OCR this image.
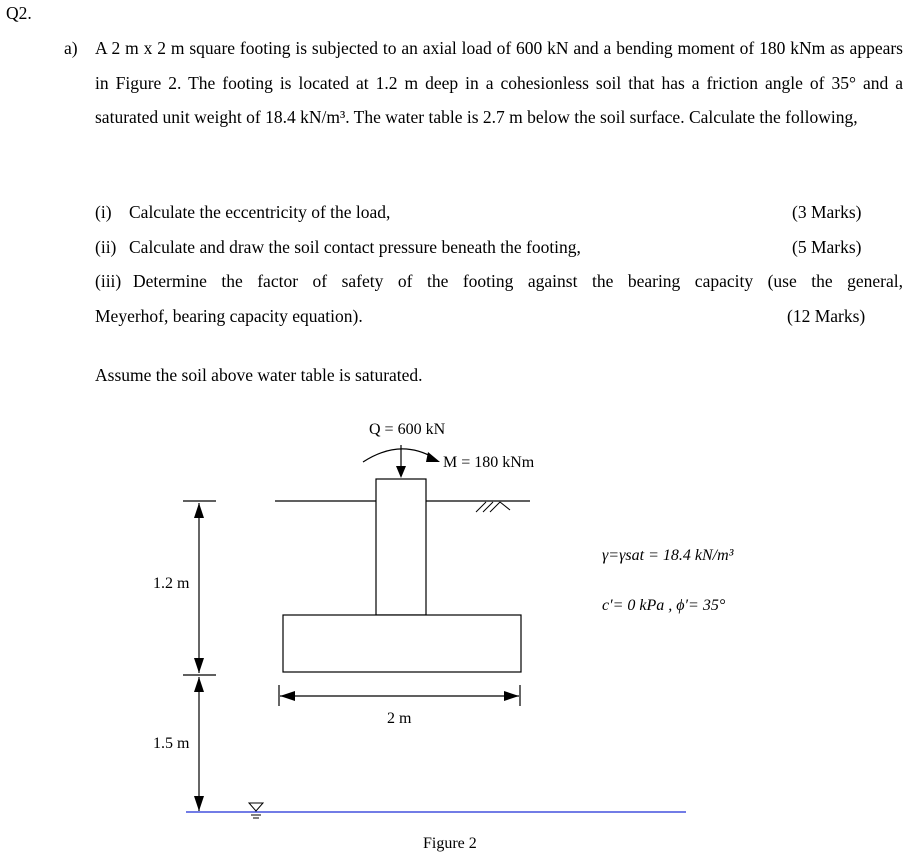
Q2.
a) A 2 m x 2 m square footing is subjected to an axial load of 600 kN and a bending moment of 180 kNm as appears in Figure 2. The footing is located at 1.2 m deep in a cohesionless soil that has a friction angle of 35° and a saturated unit weight of 18.4 kN/m³. The water table is 2.7 m below the soil surface. Calculate the following,
(i) Calculate the eccentricity of the load,	(3 Marks)
(ii) Calculate and draw the soil contact pressure beneath the footing,	(5 Marks)
(iii) Determine the factor of safety of the footing against the bearing capacity (use the general,
Meyerhof, bearing capacity equation).	(12 Marks)
Assume the soil above water table is saturated.
Q = 600 kN
M = 180 kNm
γ=γsat = 18.4 kN/m³
c′= 0 kPa , ϕ′= 35°
1.2 m
1.5 m
2 m
Figure 2
